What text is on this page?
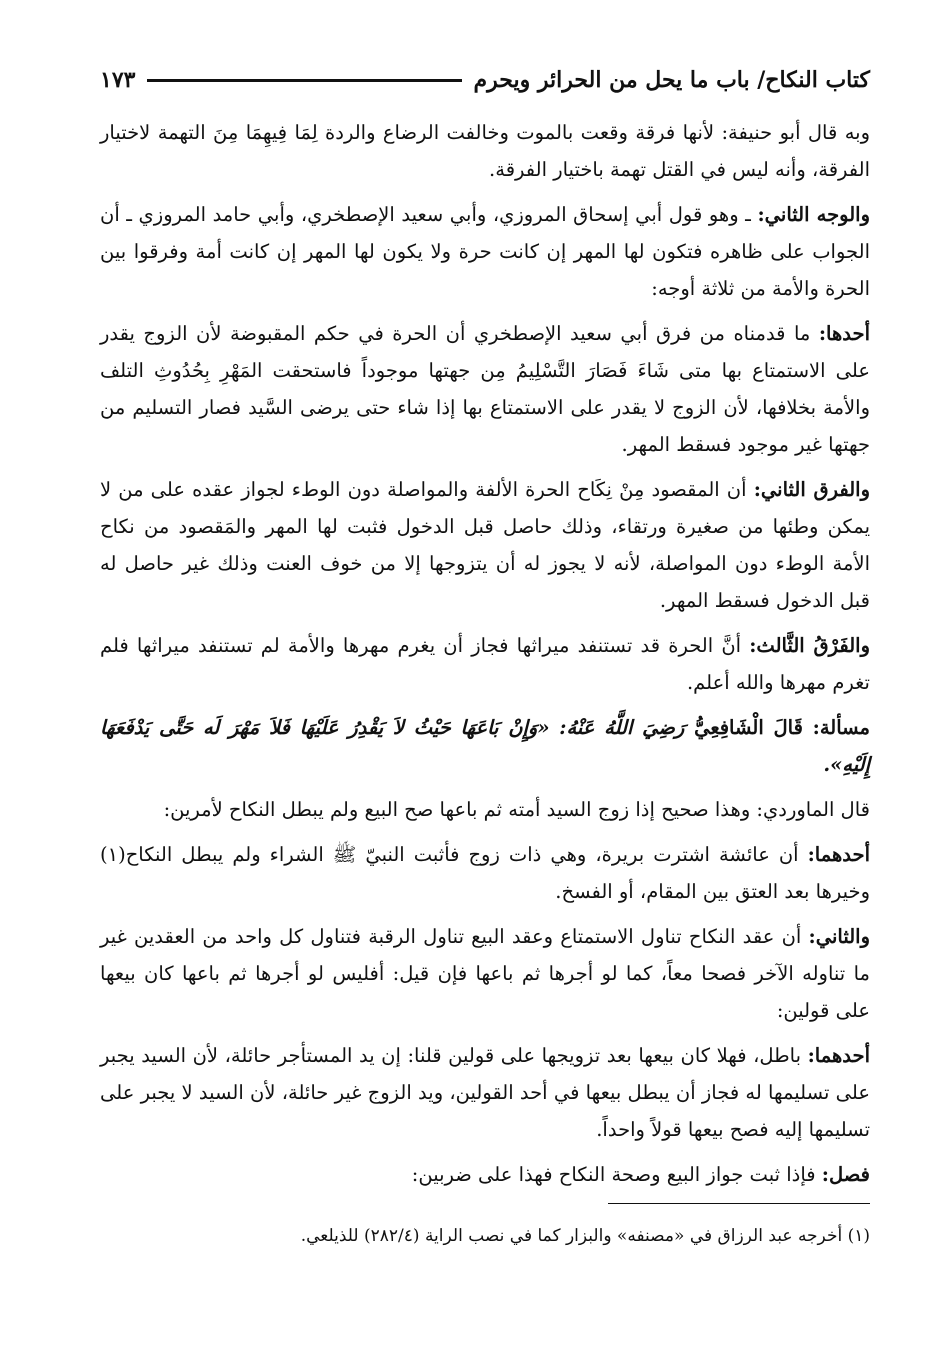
كتاب النكاح/ باب ما يحل من الحرائر ويحرم
١٧٣

وبه قال أبو حنيفة: لأنها فرقة وقعت بالموت وخالفت الرضاع والردة لِمَا فِيهِمَا مِنَ التهمة لاختيار الفرقة، وأنه ليس في القتل تهمة باختيار الفرقة.

والوجه الثاني: ـ وهو قول أبي إسحاق المروزي، وأبي سعيد الإصطخري، وأبي حامد المروزي ـ أن الجواب على ظاهره فتكون لها المهر إن كانت حرة ولا يكون لها المهر إن كانت أمة وفرقوا بين الحرة والأمة من ثلاثة أوجه:

أحدها: ما قدمناه من فرق أبي سعيد الإصطخري أن الحرة في حكم المقبوضة لأن الزوج يقدر على الاستمتاع بها متى شَاءَ فَصَارَ التَّسْلِيمُ مِن جهتها موجوداً فاستحقت المَهْرِ بِحُدُوثِ التلف والأمة بخلافها، لأن الزوج لا يقدر على الاستمتاع بها إذا شاء حتى يرضى السَّيد فصار التسليم من جهتها غير موجود فسقط المهر.

والفرق الثاني: أن المقصود مِنْ نِكَاح الحرة الألفة والمواصلة دون الوطء لجواز عقده على من لا يمكن وطئها من صغيرة ورتقاء، وذلك حاصل قبل الدخول فثبت لها المهر والمَقصود من نكاح الأمة الوطء دون المواصلة، لأنه لا يجوز له أن يتزوجها إلا من خوف العنت وذلك غير حاصل له قبل الدخول فسقط المهر.

والفَرْقُ الثَّالث: أنَّ الحرة قد تستنفد ميراثها فجاز أن يغرم مهرها والأمة لم تستنفد ميراثها فلم تغرم مهرها والله أعلم.

مسألة: قَالَ الْشَافِعِيُّ رَضِيَ اللَّهُ عَنْهُ: «وَإِنْ بَاعَهَا حَيْثُ لاَ يَقْدِرُ عَلَيْهَا فَلاَ مَهْرَ لَه حَتَّى يَدْفَعَهَا إِلَيْهِ».

قال الماوردي: وهذا صحيح إذا زوج السيد أمته ثم باعها صح البيع ولم يبطل النكاح لأمرين:

أحدهما: أن عائشة اشترت بريرة، وهي ذات زوج فأثبت النبيّ ﷺ الشراء ولم يبطل النكاح(١) وخيرها بعد العتق بين المقام، أو الفسخ.

والثاني: أن عقد النكاح تناول الاستمتاع وعقد البيع تناول الرقبة فتناول كل واحد من العقدين غير ما تناوله الآخر فصحا معاً، كما لو أجرها ثم باعها فإن قيل: أفليس لو أجرها ثم باعها كان بيعها على قولين:

أحدهما: باطل، فهلا كان بيعها بعد تزويجها على قولين قلنا: إن يد المستأجر حائلة، لأن السيد يجبر على تسليمها له فجاز أن يبطل بيعها في أحد القولين، ويد الزوج غير حائلة، لأن السيد لا يجبر على تسليمها إليه فصح بيعها قولاً واحداً.

فصل: فإذا ثبت جواز البيع وصحة النكاح فهذا على ضربين:

(١) أخرجه عبد الرزاق في «مصنفه» والبزار كما في نصب الراية (٢٨٢/٤) للذيلعي.
